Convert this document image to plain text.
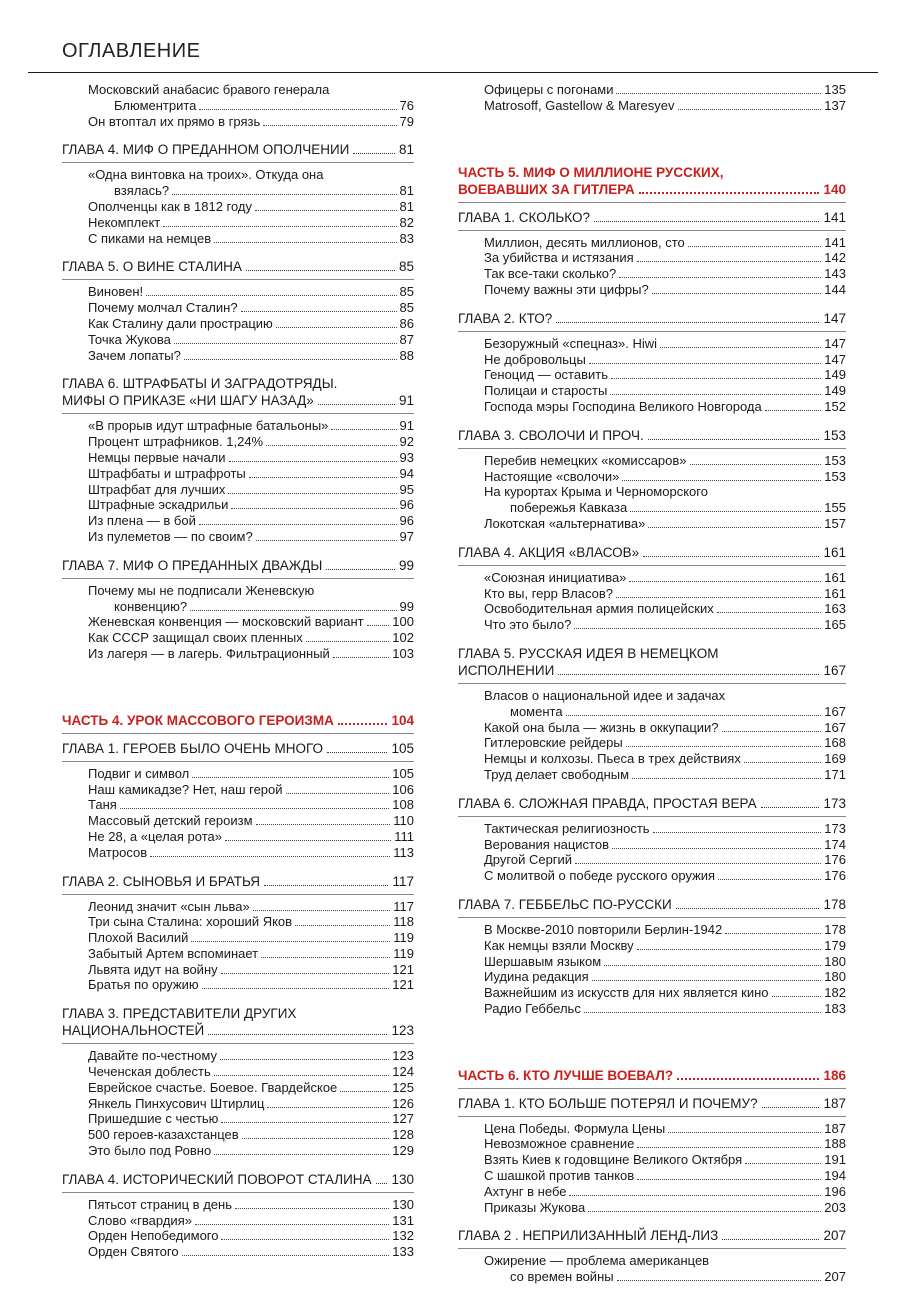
ОГЛАВЛЕНИЕ
Московский анабасис бравого генерала
Блюментрита	76
Он втоптал их прямо в грязь	79
ГЛАВА 4. МИФ О ПРЕДАННОМ ОПОЛЧЕНИИ	81
«Одна винтовка на троих». Откуда она
взялась?	81
Ополченцы как в 1812 году	81
Некомплект	82
С пиками на немцев	83
ГЛАВА 5. О ВИНЕ СТАЛИНА	85
Виновен!	85
Почему молчал Сталин?	85
Как Сталину дали прострацию	86
Точка Жукова	87
Зачем лопаты?	88
ГЛАВА 6. ШТРАФБАТЫ И ЗАГРАДОТРЯДЫ.
МИФЫ О ПРИКАЗЕ «НИ ШАГУ НАЗАД»	91
«В прорыв идут штрафные батальоны»	91
Процент штрафников. 1,24%	92
Немцы первые начали	93
Штрафбаты и штрафроты	94
Штрафбат для лучших	95
Штрафные эскадрильи	96
Из плена — в бой	96
Из пулеметов — по своим?	97
ГЛАВА 7. МИФ О ПРЕДАННЫХ ДВАЖДЫ	99
Почему мы не подписали Женевскую
конвенцию?	99
Женевская конвенция — московский вариант 100
Как СССР защищал своих пленных	102
Из лагеря — в лагерь. Фильтрационный	103
ЧАСТЬ 4. УРОК МАССОВОГО ГЕРОИЗМА	104
ГЛАВА 1. ГЕРОЕВ БЫЛО ОЧЕНЬ МНОГО	105
Подвиг и символ	105
Наш камикадзе? Нет, наш герой	106
Таня	108
Массовый детский героизм	110
Не 28, а «целая рота»	111
Матросов	113
ГЛАВА 2. СЫНОВЬЯ И БРАТЬЯ	117
Леонид значит «сын льва»	117
Три сына Сталина: хороший Яков	118
Плохой Василий	119
Забытый Артем вспоминает	119
Львята идут на войну	121
Братья по оружию	121
ГЛАВА 3. ПРЕДСТАВИТЕЛИ ДРУГИХ
НАЦИОНАЛЬНОСТЕЙ	123
Давайте по-честному	123
Чеченская доблесть	124
Еврейское счастье. Боевое. Гвардейское	125
Янкель Пинхусович Штирлиц	126
Пришедшие с честью	127
500 героев-казахстанцев	128
Это было под Ровно	129
ГЛАВА 4. ИСТОРИЧЕСКИЙ ПОВОРОТ СТАЛИНА 130
Пятьсот страниц в день	130
Слово «гвардия»	131
Орден Непобедимого	132
Орден Святого	133
Офицеры с погонами	135
Matrosoff, Gastellow & Maresyev	137
ЧАСТЬ 5. МИФ О МИЛЛИОНЕ РУССКИХ,
ВОЕВАВШИХ ЗА ГИТЛЕРА	140
ГЛАВА 1. СКОЛЬКО?	141
Миллион, десять миллионов, сто	141
За убийства и истязания	142
Так все-таки сколько?	143
Почему важны эти цифры?	144
ГЛАВА 2. КТО?	147
Безоружный «спецназ». Hiwi	147
Не добровольцы	147
Геноцид — оставить	149
Полицаи и старосты	149
Господа мэры Господина Великого Новгорода	152
ГЛАВА 3. СВОЛОЧИ И ПРОЧ.	153
Перебив немецких «комиссаров»	153
Настоящие «сволочи»	153
На курортах Крыма и Черноморского
побережья Кавказа	155
Локотская «альтернатива»	157
ГЛАВА 4. АКЦИЯ «ВЛАСОВ»	161
«Союзная инициатива»	161
Кто вы, герр Власов?	161
Освободительная армия полицейских	163
Что это было?	165
ГЛАВА 5. РУССКАЯ ИДЕЯ В НЕМЕЦКОМ
ИСПОЛНЕНИИ	167
Власов о национальной идее и задачах
момента	167
Какой она была — жизнь в оккупации?	167
Гитлеровские рейдеры	168
Немцы и колхозы. Пьеса в трех действиях	169
Труд делает свободным	171
ГЛАВА 6. СЛОЖНАЯ ПРАВДА, ПРОСТАЯ ВЕРА	173
Тактическая религиозность	173
Верования нацистов	174
Другой Сергий	176
С молитвой о победе русского оружия	176
ГЛАВА 7. ГЕББЕЛЬС ПО-РУССКИ	178
В Москве-2010 повторили Берлин-1942	178
Как немцы взяли Москву	179
Шершавым языком	180
Иудина редакция	180
Важнейшим из искусств для них является кино	182
Радио Геббельс	183
ЧАСТЬ 6. КТО ЛУЧШЕ ВОЕВАЛ?	186
ГЛАВА 1. КТО БОЛЬШЕ ПОТЕРЯЛ И ПОЧЕМУ?	187
Цена Победы. Формула Цены	187
Невозможное сравнение	188
Взять Киев к годовщине Великого Октября	191
С шашкой против танков	194
Ахтунг в небе	196
Приказы Жукова	203
ГЛАВА 2 . НЕПРИЛИЗАННЫЙ ЛЕНД-ЛИЗ	207
Ожирение — проблема американцев
со времен войны	207
